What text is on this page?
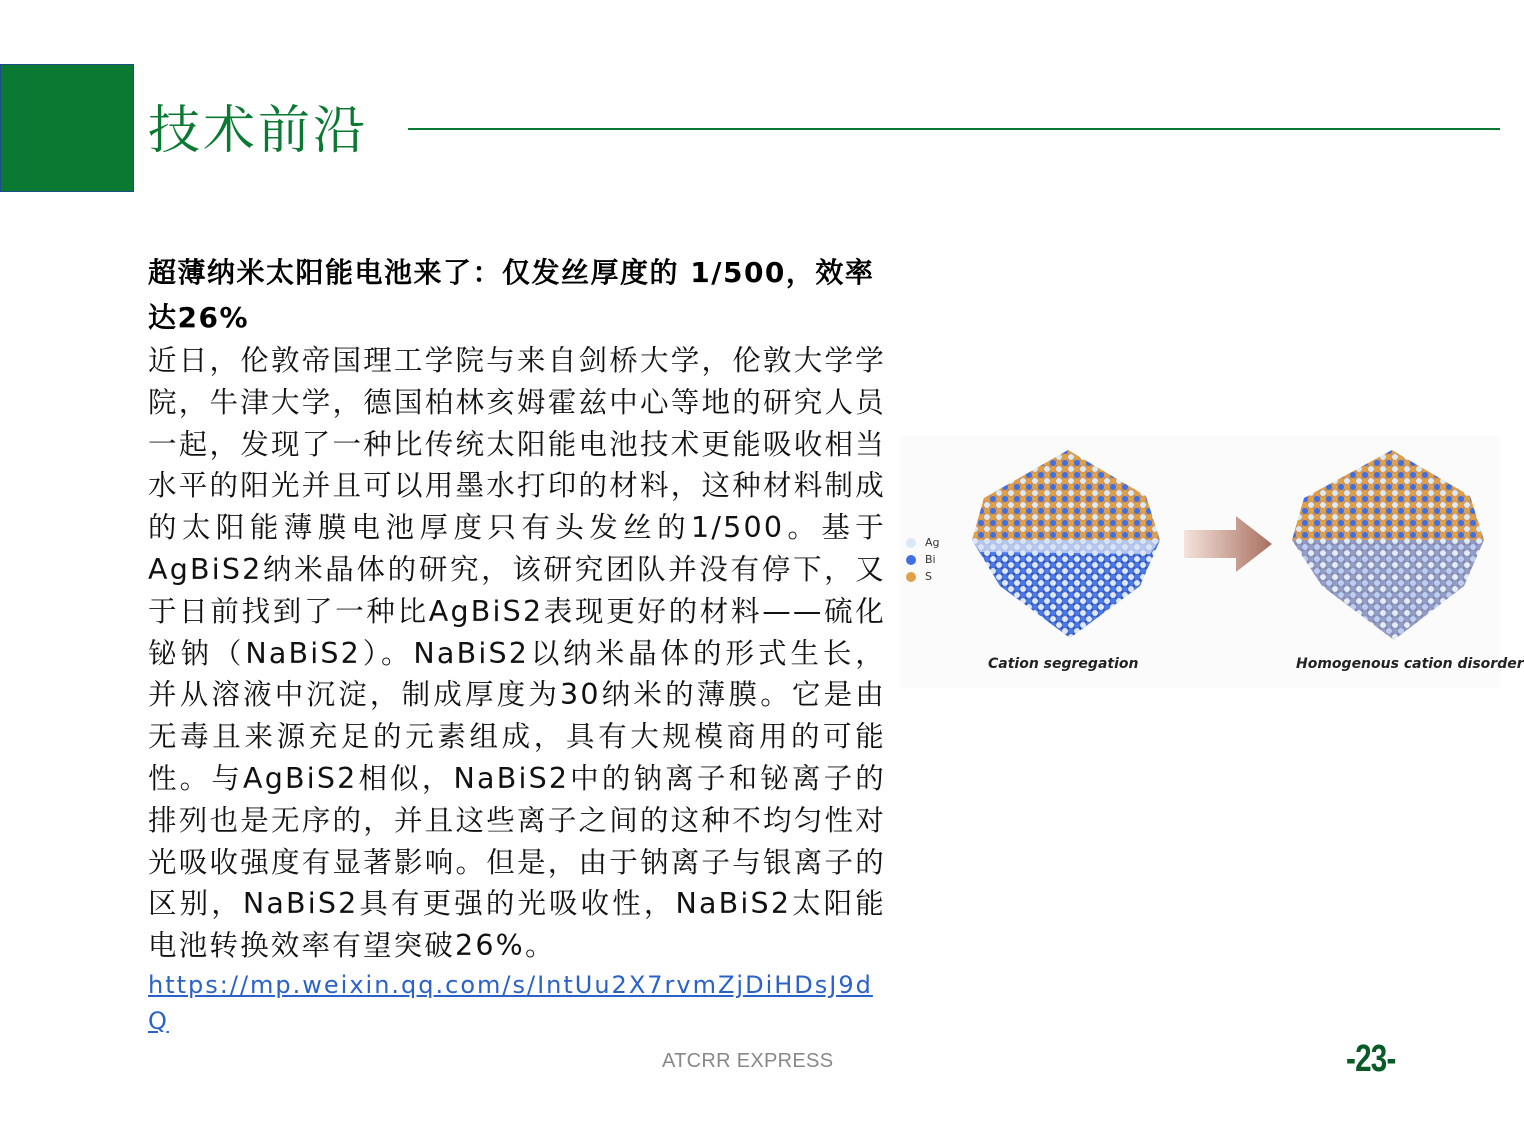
技术前沿

超薄纳米太阳能电池来了：仅发丝厚度的 1/500，效率达26%

近日，伦敦帝国理工学院与来自剑桥大学，伦敦大学学院，牛津大学，德国柏林亥姆霍兹中心等地的研究人员一起，发现了一种比传统太阳能电池技术更能吸收相当水平的阳光并且可以用墨水打印的材料，这种材料制成的太阳能薄膜电池厚度只有头发丝的1/500。基于AgBiS2纳米晶体的研究，该研究团队并没有停下，又于日前找到了一种比AgBiS2表现更好的材料——硫化铋钠（NaBiS2）。NaBiS2以纳米晶体的形式生长，并从溶液中沉淀，制成厚度为30纳米的薄膜。它是由无毒且来源充足的元素组成，具有大规模商用的可能性。与AgBiS2相似，NaBiS2中的钠离子和铋离子的排列也是无序的，并且这些离子之间的这种不均匀性对光吸收强度有显著影响。但是，由于钠离子与银离子的区别，NaBiS2具有更强的光吸收性，NaBiS2太阳能电池转换效率有望突破26%。

https://mp.weixin.qq.com/s/IntUu2X7rvmZjDiHDsJ9dQ
Ag
Bi
S
Cation segregation	Homogenous cation disorder
ATCRR EXPRESS	-23-
